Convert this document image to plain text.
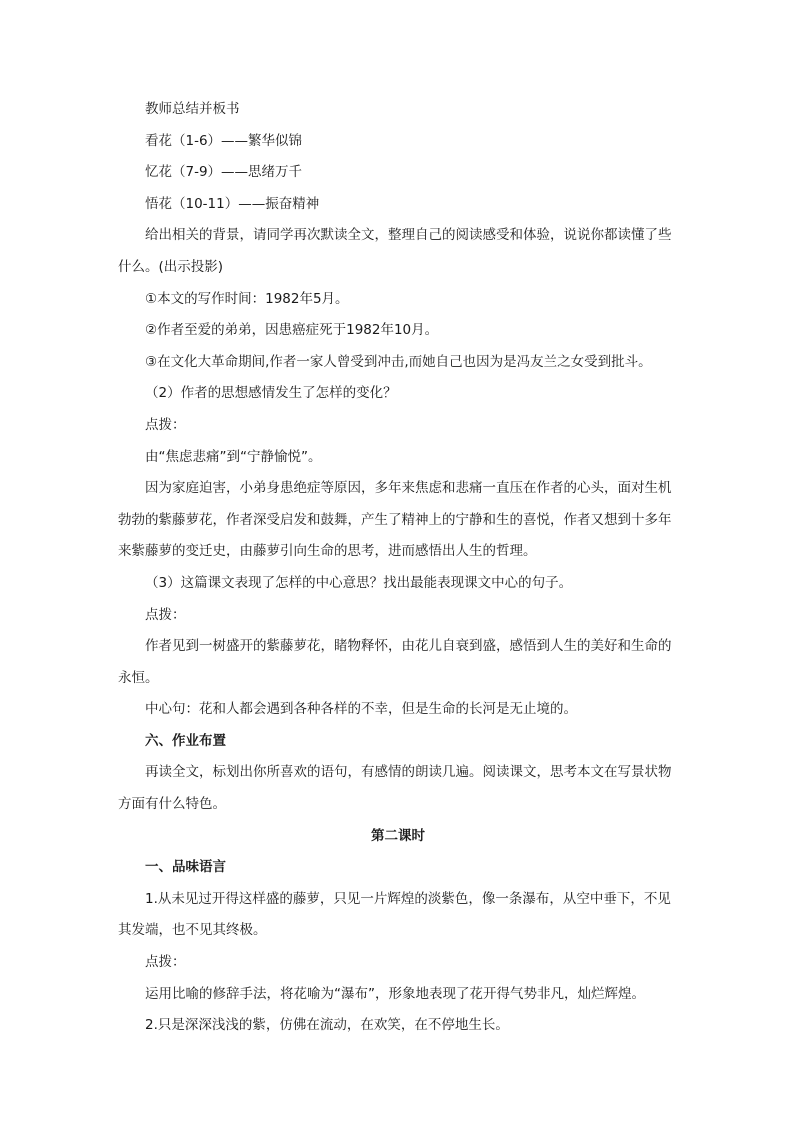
教师总结并板书

看花（1-6）——繁华似锦

忆花（7-9）——思绪万千

悟花（10-11）——振奋精神

给出相关的背景，请同学再次默读全文，整理自己的阅读感受和体验，说说你都读懂了些什么。(出示投影)

①本文的写作时间：1982年5月。

②作者至爱的弟弟，因患癌症死于1982年10月。

③在文化大革命期间,作者一家人曾受到冲击,而她自己也因为是冯友兰之女受到批斗。

（2）作者的思想感情发生了怎样的变化？

点拨：

由“焦虑悲痛”到“宁静愉悦”。

因为家庭迫害，小弟身患绝症等原因，多年来焦虑和悲痛一直压在作者的心头，面对生机勃勃的紫藤萝花，作者深受启发和鼓舞，产生了精神上的宁静和生的喜悦，作者又想到十多年来紫藤萝的变迁史，由藤萝引向生命的思考，进而感悟出人生的哲理。

（3）这篇课文表现了怎样的中心意思？找出最能表现课文中心的句子。

点拨：

作者见到一树盛开的紫藤萝花，睹物释怀，由花儿自衰到盛，感悟到人生的美好和生命的永恒。

中心句：花和人都会遇到各种各样的不幸，但是生命的长河是无止境的。

六、作业布置

再读全文，标划出你所喜欢的语句，有感情的朗读几遍。阅读课文，思考本文在写景状物方面有什么特色。

第二课时

一、品味语言

1.从未见过开得这样盛的藤萝，只见一片辉煌的淡紫色，像一条瀑布，从空中垂下，不见其发端，也不见其终极。

点拨：

运用比喻的修辞手法，将花喻为“瀑布”，形象地表现了花开得气势非凡，灿烂辉煌。

2.只是深深浅浅的紫，仿佛在流动，在欢笑，在不停地生长。
